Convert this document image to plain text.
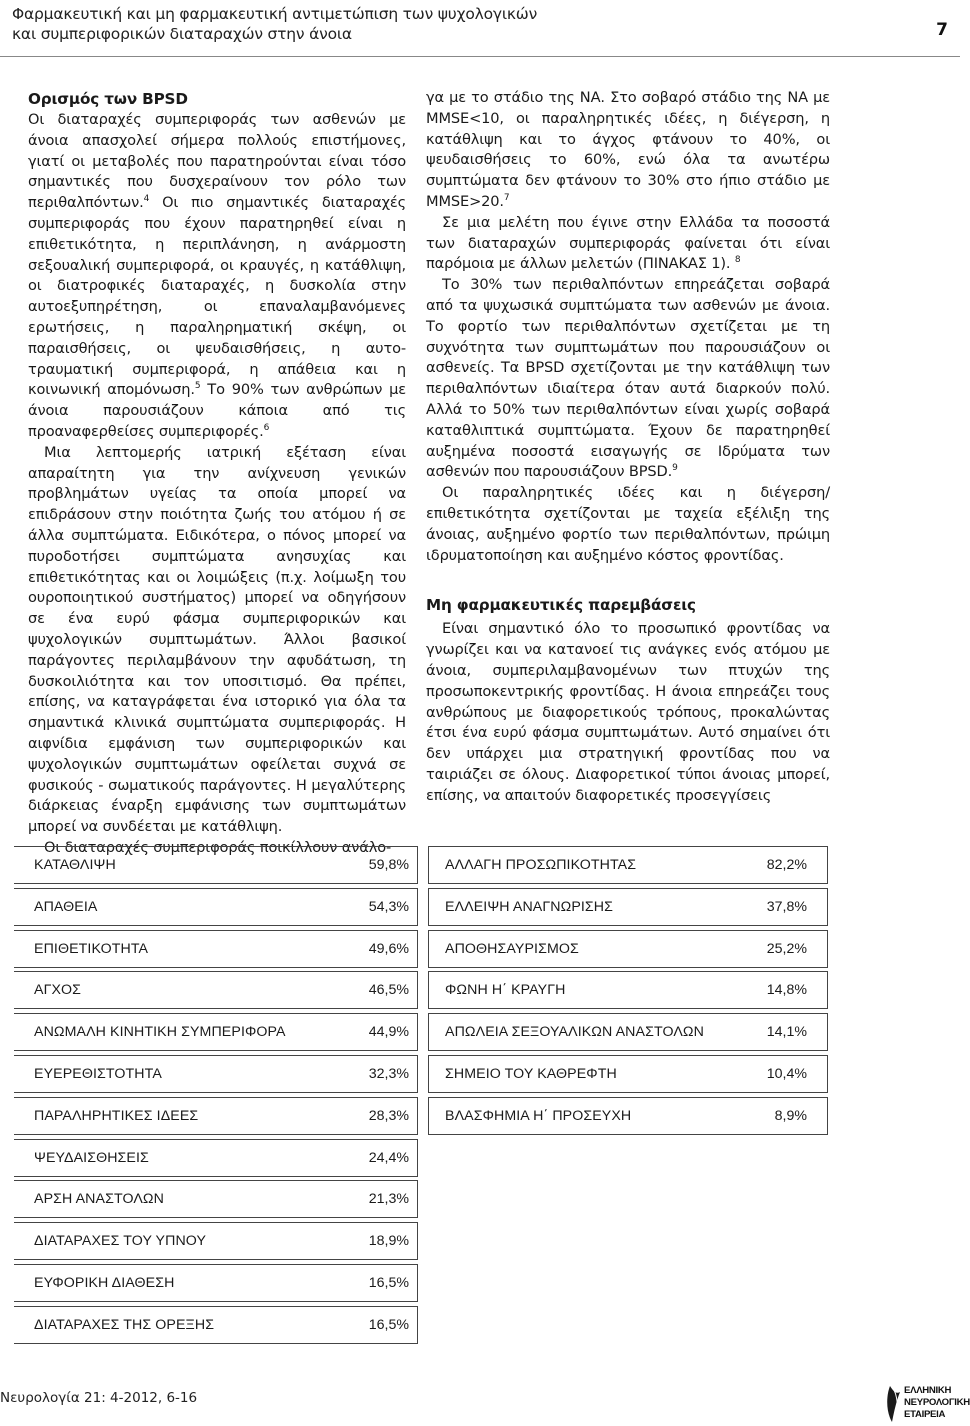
Φαρμακευτική και μη φαρμακευτική αντιμετώπιση των ψυχολογικών
και συμπεριφορικών διαταραχών στην άνοια	7

Ορισμός των BPSD

Οι διαταραχές συμπεριφοράς των ασθενών με άνοια απασχολεί σήμερα πολλούς επιστήμονες, γιατί οι μεταβολές που παρατηρούνται είναι τόσο σημαντικές που δυσχεραίνουν τον ρόλο των περιθαλπόντων.$^4$ Οι πιο σημαντικές διαταραχές συμπεριφοράς που έχουν παρατηρηθεί είναι η επιθετικότητα, η περιπλάνηση, η ανάρμοστη σεξουαλική συμπεριφορά, οι κραυγές, η κατάθλιψη, οι διατροφικές διαταραχές, η δυσκολία στην αυτοεξυπηρέτηση, οι επαναλαμβανόμενες ερωτήσεις, η παραληρηματική σκέψη, οι παραισθήσεις, οι ψευδαισθήσεις, η αυτο-τραυματική συμπεριφορά, η απάθεια και η κοινωνική απομόνωση.$^5$ Το 90% των ανθρώπων με άνοια παρουσιάζουν κάποια από τις προαναφερθείσες συμπεριφορές.$^6$

Μια λεπτομερής ιατρική εξέταση είναι απαραίτητη για την ανίχνευση γενικών προβλημάτων υγείας τα οποία μπορεί να επιδράσουν στην ποιότητα ζωής του ατόμου ή σε άλλα συμπτώματα. Ειδικότερα, ο πόνος μπορεί να πυροδοτήσει συμπτώματα ανησυχίας και επιθετικότητας και οι λοιμώξεις (π.χ. λοίμωξη του ουροποιητικού συστήματος) μπορεί να οδηγήσουν σε ένα ευρύ φάσμα συμπεριφορικών και ψυχολογικών συμπτωμάτων. Άλλοι βασικοί παράγοντες περιλαμβάνουν την αφυδάτωση, τη δυσκοιλιότητα και τον υποσιτισμό. Θα πρέπει, επίσης, να καταγράφεται ένα ιστορικό για όλα τα σημαντικά κλινικά συμπτώματα συμπεριφοράς. Η αιφνίδια εμφάνιση των συμπεριφορικών και ψυχολογικών συμπτωμάτων οφείλεται συχνά σε φυσικούς - σωματικούς παράγοντες. Η μεγαλύτερης διάρκειας έναρξη εμφάνισης των συμπτωμάτων μπορεί να συνδέεται με κατάθλιψη.

Οι διαταραχές συμπεριφοράς ποικίλλουν ανάλο-

γα με το στάδιο της ΝΑ. Στο σοβαρό στάδιο της ΝΑ με MMSE<10, οι παραληρητικές ιδέες, η διέγερση, η κατάθλιψη και το άγχος φτάνουν το 40%, οι ψευδαισθήσεις το 60%, ενώ όλα τα ανωτέρω συμπτώματα δεν φτάνουν το 30% στο ήπιο στάδιο με MMSE>20.$^7$

Σε μια μελέτη που έγινε στην Ελλάδα τα ποσοστά των διαταραχών συμπεριφοράς φαίνεται ότι είναι παρόμοια με άλλων μελετών (ΠΙΝΑΚΑΣ 1). $^8$

Το 30% των περιθαλπόντων επηρεάζεται σοβαρά από τα ψυχωσικά συμπτώματα των ασθενών με άνοια. Το φορτίο των περιθαλπόντων σχετίζεται με τη συχνότητα των συμπτωμάτων που παρουσιάζουν οι ασθενείς. Τα BPSD σχετίζονται με την κατάθλιψη των περιθαλπόντων ιδιαίτερα όταν αυτά διαρκούν πολύ. Αλλά το 50% των περιθαλπόντων είναι χωρίς σοβαρά καταθλιπτικά συμπτώματα. Έχουν δε παρατηρηθεί αυξημένα ποσοστά εισαγωγής σε Ιδρύματα των ασθενών που παρουσιάζουν BPSD.$^9$

Οι παραληρητικές ιδέες και η διέγερση/ επιθετικότητα σχετίζονται με ταχεία εξέλιξη της άνοιας, αυξημένο φορτίο των περιθαλπόντων, πρώιμη ιδρυματοποίηση και αυξημένο κόστος φροντίδας.

Μη φαρμακευτικές παρεμβάσεις

Είναι σημαντικό όλο το προσωπικό φροντίδας να γνωρίζει και να κατανοεί τις ανάγκες ενός ατόμου με άνοια, συμπεριλαμβανομένων των πτυχών της προσωποκεντρικής φροντίδας. Η άνοια επηρεάζει τους ανθρώπους με διαφορετικούς τρόπους, προκαλώντας έτσι ένα ευρύ φάσμα συμπτωμάτων. Αυτό σημαίνει ότι δεν υπάρχει μια στρατηγική φροντίδας που να ταιριάζει σε όλους. Διαφορετικοί τύποι άνοιας μπορεί, επίσης, να απαιτούν διαφορετικές προσεγγίσεις

ΚΑΤΑΘΛΙΨΗ	59,8%
ΑΠΑΘΕΙΑ	54,3%
ΕΠΙΘΕΤΙΚΟΤΗΤΑ	49,6%
ΑΓΧΟΣ	46,5%
ΑΝΩΜΑΛΗ ΚΙΝΗΤΙΚΗ ΣΥΜΠΕΡΙΦΟΡΑ	44,9%
ΕΥΕΡΕΘΙΣΤΟΤΗΤΑ	32,3%
ΠΑΡΑΛΗΡΗΤΙΚΕΣ ΙΔΕΕΣ	28,3%
ΨΕΥΔΑΙΣΘΗΣΕΙΣ	24,4%
ΑΡΣΗ ΑΝΑΣΤΟΛΩΝ	21,3%
ΔΙΑΤΑΡΑΧΕΣ ΤΟΥ ΥΠΝΟΥ	18,9%
ΕΥΦΟΡΙΚΗ ΔΙΑΘΕΣΗ	16,5%
ΔΙΑΤΑΡΑΧΕΣ ΤΗΣ ΟΡΕΞΗΣ	16,5%
ΑΛΛΑΓΗ ΠΡΟΣΩΠΙΚΟΤΗΤΑΣ	82,2%
ΕΛΛΕΙΨΗ ΑΝΑΓΝΩΡΙΣΗΣ	37,8%
ΑΠΟΘΗΣΑΥΡΙΣΜΟΣ	25,2%
ΦΩΝΗ Η΄ ΚΡΑΥΓΗ	14,8%
ΑΠΩΛΕΙΑ ΣΕΞΟΥΑΛΙΚΩΝ ΑΝΑΣΤΟΛΩΝ	14,1%
ΣΗΜΕΙΟ ΤΟΥ ΚΑΘΡΕΦΤΗ	10,4%
ΒΛΑΣΦΗΜΙΑ Η΄ ΠΡΟΣΕΥΧΗ	8,9%
Νευρολογία 21: 4-2012, 6-16	ΕΛΛΗΝΙΚΗ
ΝΕΥΡΟΛΟΓΙΚΗ
ΕΤΑΙΡΕΙΑ
